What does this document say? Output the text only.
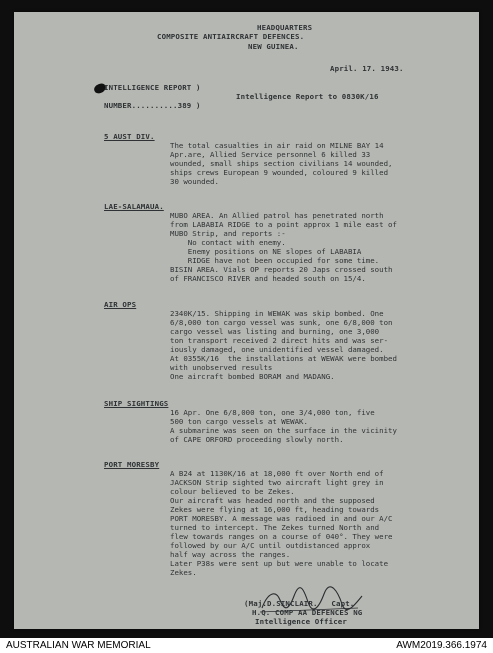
HEADQUARTERS
COMPOSITE ANTIAIRCRAFT DEFENCES.
NEW GUINEA.
April. 17. 1943.
INTELLIGENCE REPORT )
NUMBER..........389 )
Intelligence Report to 0830K/16
5 AUST DIV.
The total casualties in air raid on MILNE BAY 14
Apr.are, Allied Service personnel 6 killed 33
wounded, small ships section civilians 14 wounded,
ships crews European 9 wounded, coloured 9 killed
30 wounded.
LAE-SALAMAUA.
MUBO AREA. An Allied patrol has penetrated north
from LABABIA RIDGE to a point approx 1 mile east of
MUBO Strip, and reports :-
No contact with enemy.
Enemy positions on NE slopes of LABABIA
RIDGE have not been occupied for some time.
BISIN AREA. Vials OP reports 20 Japs crossed south
of FRANCISCO RIVER and headed south on 15/4.
AIR OPS
2340K/15. Shipping in WEWAK was skip bombed. One
6/8,000 ton cargo vessel was sunk, one 6/8,000 ton
cargo vessel was listing and burning, one 3,000
ton transport received 2 direct hits and was ser-
iously damaged, one unidentified vessel damaged.
At 0355K/16  the installations at WEWAK were bombed
with unobserved results
One aircraft bombed BORAM and MADANG.
SHIP SIGHTINGS
16 Apr. One 6/8,000 ton, one 3/4,000 ton, five
500 ton cargo vessels at WEWAK.
A submarine was seen on the surface in the vicinity
of CAPE ORFORD proceeding slowly north.
PORT MORESBY
A B24 at 1130K/16 at 18,000 ft over North end of
JACKSON Strip sighted two aircraft light grey in
colour believed to be Zekes.
Our aircraft was headed north and the supposed
Zekes were flying at 16,000 ft, heading towards
PORT MORESBY. A message was radioed in and our A/C
turned to intercept. The Zekes turned North and
flew towards ranges on a course of 040°. They were
followed by our A/C until outdistanced approx
half way across the ranges.
Later P38s were sent up but were unable to locate
Zekes.
(Maj.D.SINCLAIR.   Capt.
H.Q. COMP AA DEFENCES NG
Intelligence Officer
AUSTRALIAN WAR MEMORIAL	AWM2019.366.1974
